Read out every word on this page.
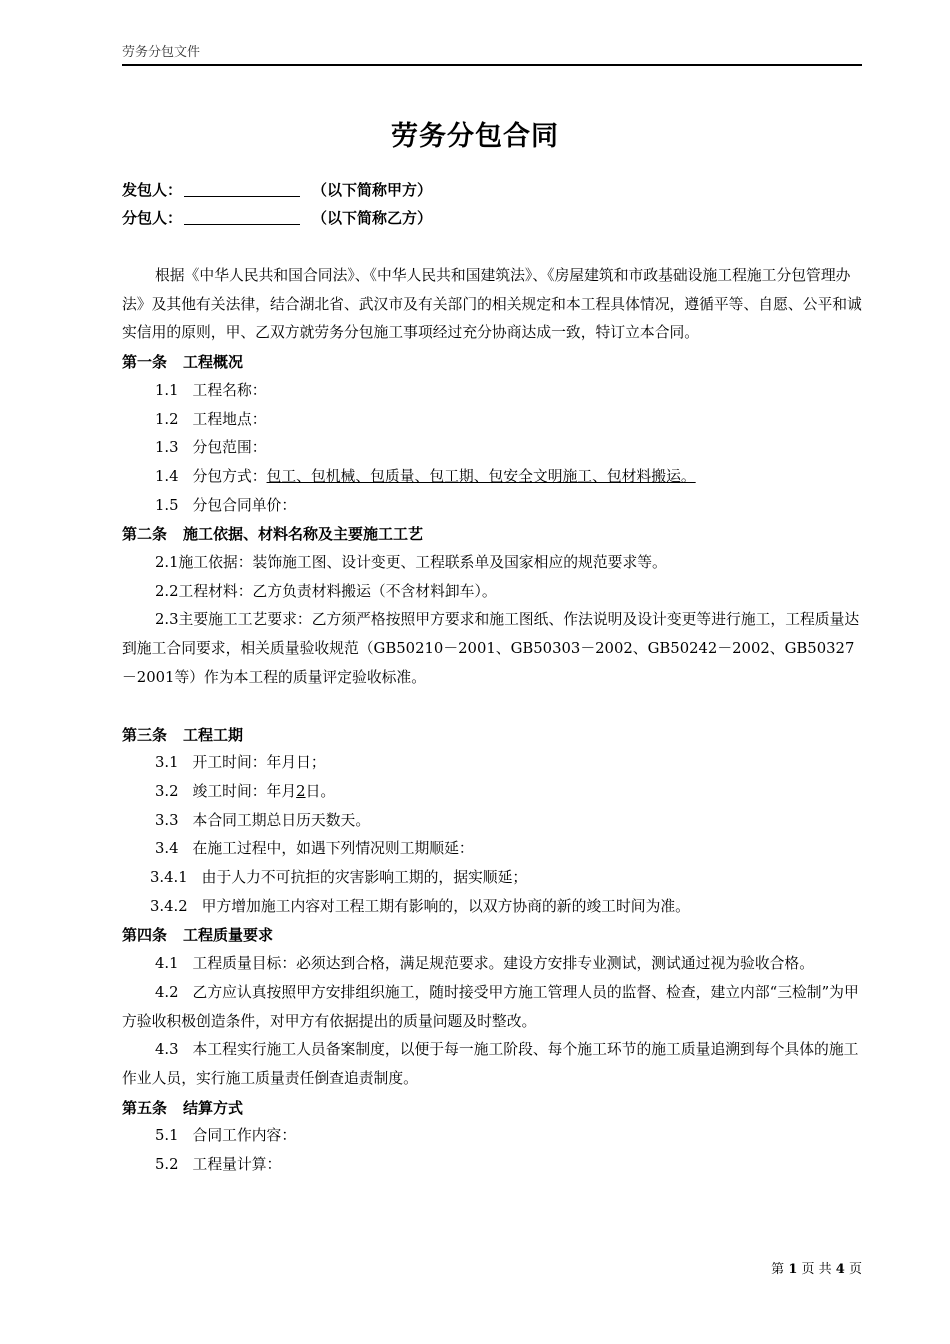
劳务分包文件
劳务分包合同
发包人：	（以下简称甲方）
分包人：	（以下简称乙方）

根据《中华人民共和国合同法》、《中华人民共和国建筑法》、《房屋建筑和市政基础设施工程施工分包管理办法》及其他有关法律，结合湖北省、武汉市及有关部门的相关规定和本工程具体情况，遵循平等、自愿、公平和诚实信用的原则，甲、乙双方就劳务分包施工事项经过充分协商达成一致，特订立本合同。

第一条 工程概况
1.1 工程名称：
1.2 工程地点：
1.3 分包范围：
1.4 分包方式：包工、包机械、包质量、包工期、包安全文明施工、包材料搬运。
1.5 分包合同单价：
第二条 施工依据、材料名称及主要施工工艺

2.1施工依据：装饰施工图、设计变更、工程联系单及国家相应的规范要求等。

2.2工程材料：乙方负责材料搬运（不含材料卸车）。

2.3主要施工工艺要求：乙方须严格按照甲方要求和施工图纸、作法说明及设计变更等进行施工，工程质量达到施工合同要求，相关质量验收规范（GB50210－2001、GB50303－2002、GB50242－2002、GB50327－2001等）作为本工程的质量评定验收标准。

第三条 工程工期
3.1 开工时间：年月日；
3.2 竣工时间：年月2日。
3.3 本合同工期总日历天数天。
3.4 在施工过程中，如遇下列情况则工期顺延：
3.4.1 由于人力不可抗拒的灾害影响工期的，据实顺延；
3.4.2 甲方增加施工内容对工程工期有影响的，以双方协商的新的竣工时间为准。
第四条 工程质量要求
4.1 工程质量目标：必须达到合格，满足规范要求。建设方安排专业测试，测试通过视为验收合格。
4.2 乙方应认真按照甲方安排组织施工，随时接受甲方施工管理人员的监督、检查，建立内部“三检制”为甲方验收积极创造条件，对甲方有依据提出的质量问题及时整改。
4.3 本工程实行施工人员备案制度，以便于每一施工阶段、每个施工环节的施工质量追溯到每个具体的施工作业人员，实行施工质量责任倒查追责制度。
第五条 结算方式
5.1 合同工作内容：
5.2 工程量计算：
第 1 页 共 4 页
